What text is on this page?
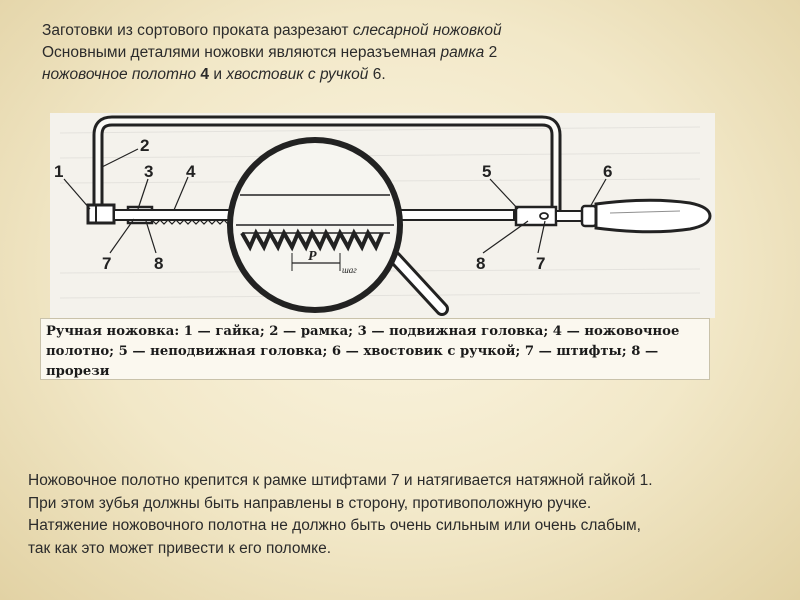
Заготовки из сортового проката разрезают слесарной ножовкой

Основными деталями ножовки являются неразъемная рамка 2

ножовочное полотно 4 и хвостовик с ручкой 6.

P
шаг
1
2
3 4	5	6
7	8	8	7
Ручная ножовка: 1 — гайка; 2 — рамка; 3 — подвижная головка; 4 — ножовочное полотно; 5 — неподвижная головка; 6 — хвостовик с ручкой; 7 — штифты; 8 — прорези

Ножовочное полотно крепится к рамке штифтами 7 и натягивается натяжной гайкой 1.

При этом зубья должны быть направлены в сторону, противоположную ручке.

Натяжение ножовочного полотна не должно быть очень сильным или очень слабым,

так как это может привести к его поломке.
